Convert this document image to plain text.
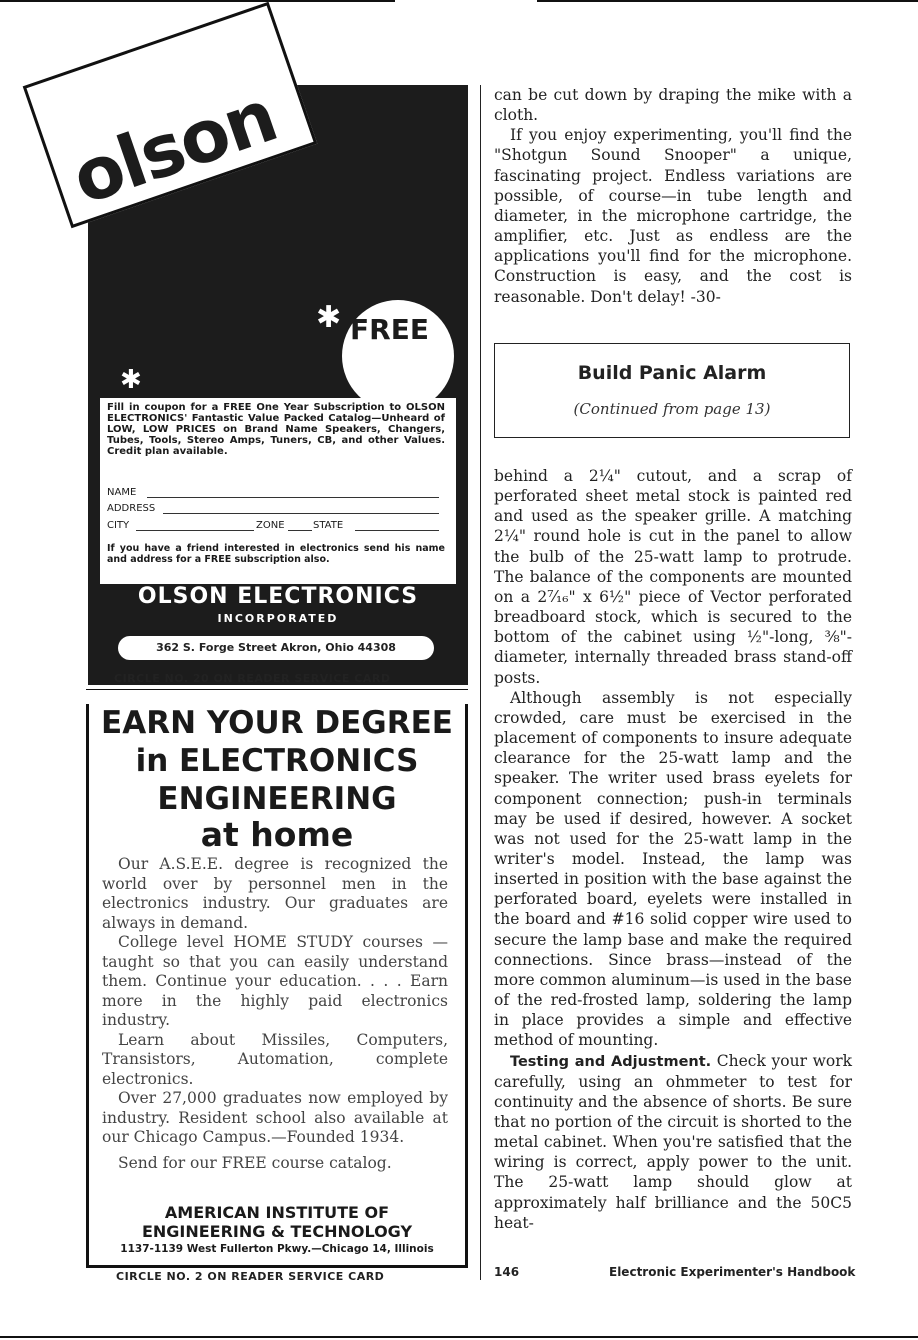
olson
✱ FREE
✱
Fill in coupon for a FREE One Year Subscription to OLSON ELECTRONICS' Fantastic Value Packed Catalog—Unheard of LOW, LOW PRICES on Brand Name Speakers, Changers, Tubes, Tools, Stereo Amps, Tuners, CB, and other Values. Credit plan available.
NAME
ADDRESS
CITY	ZONE	STATE
If you have a friend interested in electronics send his name and address for a FREE subscription also.
OLSON ELECTRONICS
INCORPORATED
362 S. Forge Street Akron, Ohio 44308
CIRCLE NO. 20 ON READER SERVICE CARD
EARN YOUR DEGREE
in ELECTRONICS
ENGINEERING
at home

Our A.S.E.E. degree is recognized the world over by personnel men in the electronics industry. Our graduates are always in demand.

College level HOME STUDY courses —taught so that you can easily understand them. Continue your education. . . . Earn more in the highly paid electronics industry.

Learn about Missiles, Computers, Transistors, Automation, complete electronics.

Over 27,000 graduates now employed by industry. Resident school also available at our Chicago Campus.—Founded 1934.

Send for our FREE course catalog.

AMERICAN INSTITUTE OF
ENGINEERING & TECHNOLOGY
1137-1139 West Fullerton Pkwy.—Chicago 14, Illinois
CIRCLE NO. 2 ON READER SERVICE CARD

can be cut down by draping the mike with a cloth.

If you enjoy experimenting, you'll find the "Shotgun Sound Snooper" a unique, fascinating project. Endless variations are possible, of course—in tube length and diameter, in the microphone cartridge, the amplifier, etc. Just as endless are the applications you'll find for the microphone. Construction is easy, and the cost is reasonable. Don't delay! -30-

Build Panic Alarm
(Continued from page 13)

behind a 2¼" cutout, and a scrap of perforated sheet metal stock is painted red and used as the speaker grille. A matching 2¼" round hole is cut in the panel to allow the bulb of the 25-watt lamp to protrude. The balance of the components are mounted on a 2⁷⁄₁₆" x 6½" piece of Vector perforated breadboard stock, which is secured to the bottom of the cabinet using ½"-long, ⅜"-diameter, internally threaded brass stand-off posts.

Although assembly is not especially crowded, care must be exercised in the placement of components to insure adequate clearance for the 25-watt lamp and the speaker. The writer used brass eyelets for component connection; push-in terminals may be used if desired, however. A socket was not used for the 25-watt lamp in the writer's model. Instead, the lamp was inserted in position with the base against the perforated board, eyelets were installed in the board and #16 solid copper wire used to secure the lamp base and make the required connections. Since brass—instead of the more common aluminum—is used in the base of the red-frosted lamp, soldering the lamp in place provides a simple and effective method of mounting.

Testing and Adjustment. Check your work carefully, using an ohmmeter to test for continuity and the absence of shorts. Be sure that no portion of the circuit is shorted to the metal cabinet. When you're satisfied that the wiring is correct, apply power to the unit. The 25-watt lamp should glow at approximately half brilliance and the 50C5 heat-

146	Electronic Experimenter's Handbook
